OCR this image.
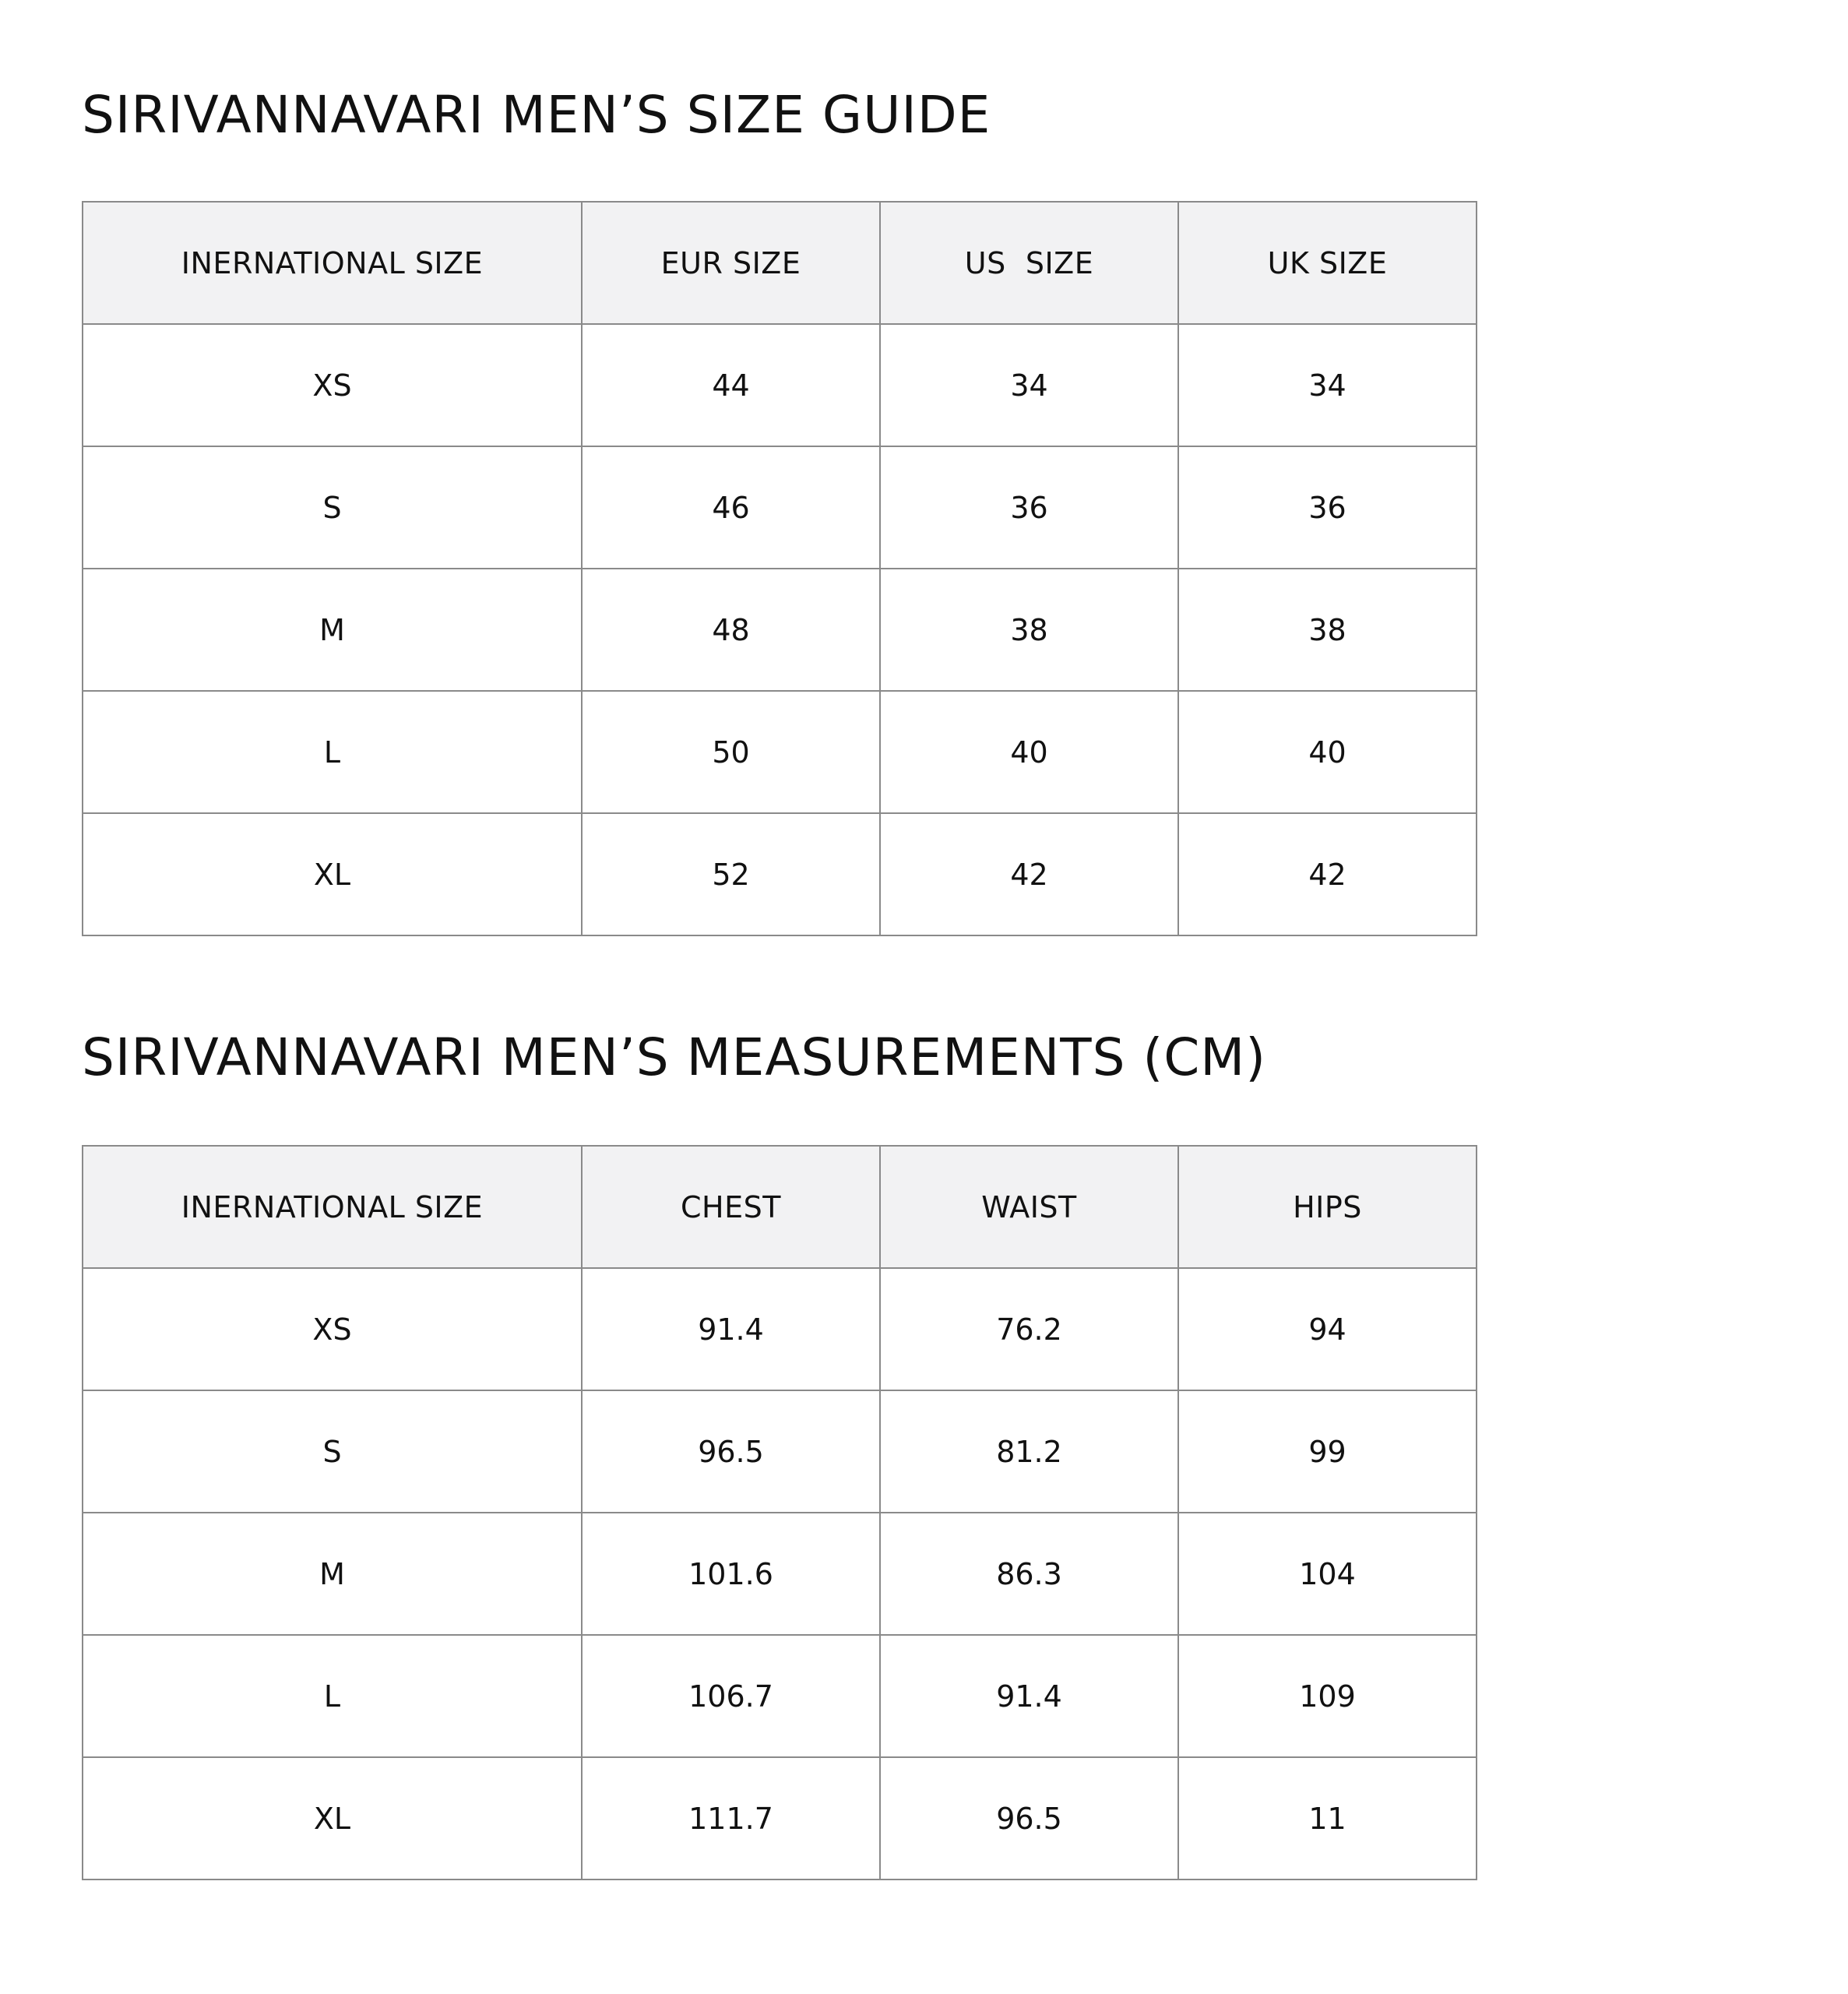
SIRIVANNAVARI MEN’S SIZE GUIDE
INERNATIONAL SIZE	EUR SIZE	US  SIZE	UK SIZE
XS	44	34	34
S	46	36	36
M	48	38	38
L	50	40	40
XL	52	42	42
SIRIVANNAVARI MEN’S MEASUREMENTS (CM)
INERNATIONAL SIZE	CHEST	WAIST	HIPS
XS	91.4	76.2	94
S	96.5	81.2	99
M	101.6	86.3	104
L	106.7	91.4	109
XL	111.7	96.5	11
